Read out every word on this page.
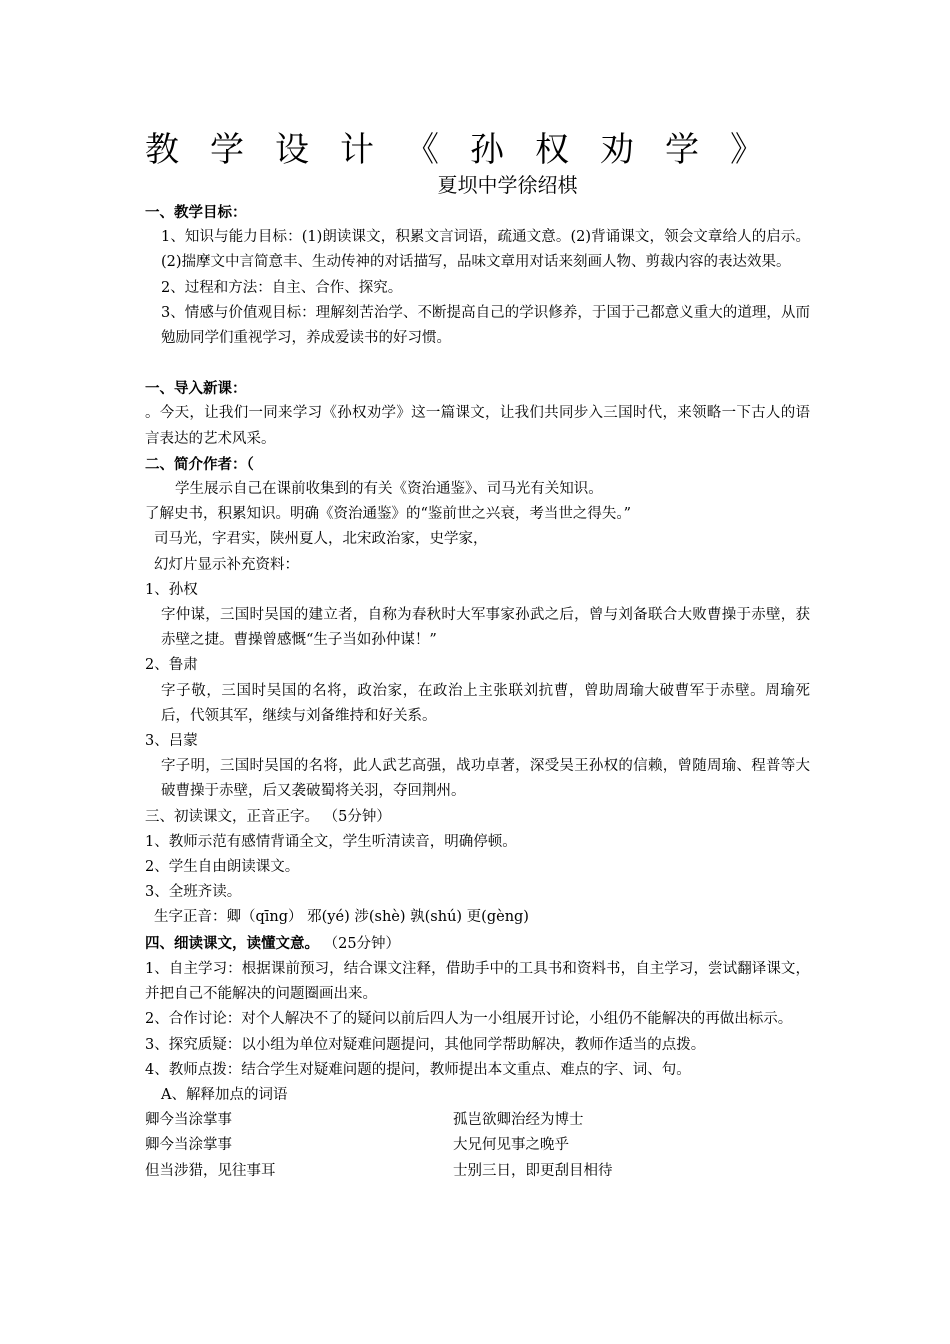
教学设计《孙权劝学》

夏坝中学徐绍棋

一、教学目标：

1、知识与能力目标：(1)朗读课文，积累文言词语，疏通文意。(2)背诵课文，领会文章给人的启示。(2)揣摩文中言简意丰、生动传神的对话描写，品味文章用对话来刻画人物、剪裁内容的表达效果。

2、过程和方法：自主、合作、探究。

3、情感与价值观目标：理解刻苦治学、不断提高自己的学识修养，于国于己都意义重大的道理，从而勉励同学们重视学习，养成爱读书的好习惯。

一、导入新课：

。今天，让我们一同来学习《孙权劝学》这一篇课文，让我们共同步入三国时代，来领略一下古人的语言表达的艺术风采。

二、简介作者：（

学生展示自己在课前收集到的有关《资治通鉴》、司马光有关知识。

了解史书，积累知识。明确《资治通鉴》的“鉴前世之兴衰，考当世之得失。”

司马光，字君实，陕州夏人，北宋政治家，史学家，

幻灯片显示补充资料：

1、孙权

字仲谋，三国时吴国的建立者，自称为春秋时大军事家孙武之后，曾与刘备联合大败曹操于赤壁，获赤壁之捷。曹操曾感慨“生子当如孙仲谋！”

2、鲁肃

字子敬，三国时吴国的名将，政治家，在政治上主张联刘抗曹，曾助周瑜大破曹军于赤壁。周瑜死后，代领其军，继续与刘备维持和好关系。

3、吕蒙

字子明，三国时吴国的名将，此人武艺高强，战功卓著，深受吴王孙权的信赖，曾随周瑜、程普等大破曹操于赤壁，后又袭破蜀将关羽，夺回荆州。

三、初读课文，正音正字。 （5分钟）

1、教师示范有感情背诵全文，学生听清读音，明确停顿。

2、学生自由朗读课文。

3、全班齐读。

生字正音：卿（qīng） 邪(yé) 涉(shè) 孰(shú) 更(gèng)

四、细读课文，读懂文意。 （25分钟）

1、自主学习：根据课前预习，结合课文注释，借助手中的工具书和资料书，自主学习，尝试翻译课文，并把自己不能解决的问题圈画出来。

2、合作讨论：对个人解决不了的疑问以前后四人为一小组展开讨论，小组仍不能解决的再做出标示。

3、探究质疑：以小组为单位对疑难问题提问，其他同学帮助解决，教师作适当的点拨。

4、教师点拨：结合学生对疑难问题的提问，教师提出本文重点、难点的字、词、句。

A、解释加点的词语

卿今当涂掌事	孤岂欲卿治经为博士
卿今当涂掌事	大兄何见事之晚乎
但当涉猎，见往事耳	士别三日，即更刮目相待
